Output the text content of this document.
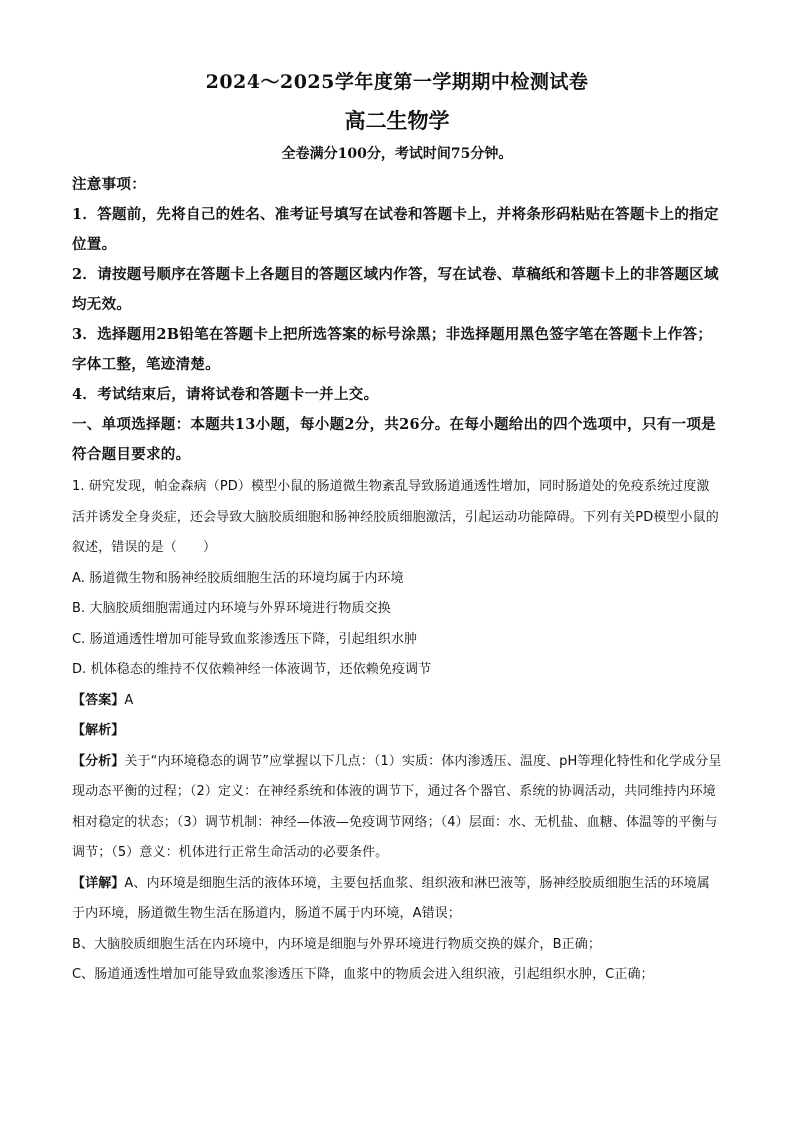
2024～2025学年度第一学期期中检测试卷
高二生物学

全卷满分100分，考试时间75分钟。

注意事项：

1．答题前，先将自己的姓名、准考证号填写在试卷和答题卡上，并将条形码粘贴在答题卡上的指定位置。

2．请按题号顺序在答题卡上各题目的答题区域内作答，写在试卷、草稿纸和答题卡上的非答题区域均无效。

3．选择题用2B铅笔在答题卡上把所选答案的标号涂黑；非选择题用黑色签字笔在答题卡上作答；字体工整，笔迹清楚。

4．考试结束后，请将试卷和答题卡一并上交。

一、单项选择题：本题共13小题，每小题2分，共26分。在每小题给出的四个选项中，只有一项是符合题目要求的。

1. 研究发现，帕金森病（PD）模型小鼠的肠道微生物紊乱导致肠道通透性增加，同时肠道处的免疫系统过度激活并诱发全身炎症，还会导致大脑胶质细胞和肠神经胶质细胞激活，引起运动功能障碍。下列有关PD模型小鼠的叙述，错误的是（　　）

A. 肠道微生物和肠神经胶质细胞生活的环境均属于内环境

B. 大脑胶质细胞需通过内环境与外界环境进行物质交换

C. 肠道通透性增加可能导致血浆渗透压下降，引起组织水肿

D. 机体稳态的维持不仅依赖神经一体液调节，还依赖免疫调节

【答案】A

【解析】

【分析】关于“内环境稳态的调节”应掌握以下几点：（1）实质：体内渗透压、温度、pH等理化特性和化学成分呈现动态平衡的过程；（2）定义：在神经系统和体液的调节下，通过各个器官、系统的协调活动，共同维持内环境相对稳定的状态；（3）调节机制：神经—体液—免疫调节网络；（4）层面：水、无机盐、血糖、体温等的平衡与调节；（5）意义：机体进行正常生命活动的必要条件。

【详解】A、内环境是细胞生活的液体环境，主要包括血浆、组织液和淋巴液等，肠神经胶质细胞生活的环境属于内环境，肠道微生物生活在肠道内，肠道不属于内环境，A错误；

B、大脑胶质细胞生活在内环境中，内环境是细胞与外界环境进行物质交换的媒介，B正确；

C、肠道通透性增加可能导致血浆渗透压下降，血浆中的物质会进入组织液，引起组织水肿，C正确；
